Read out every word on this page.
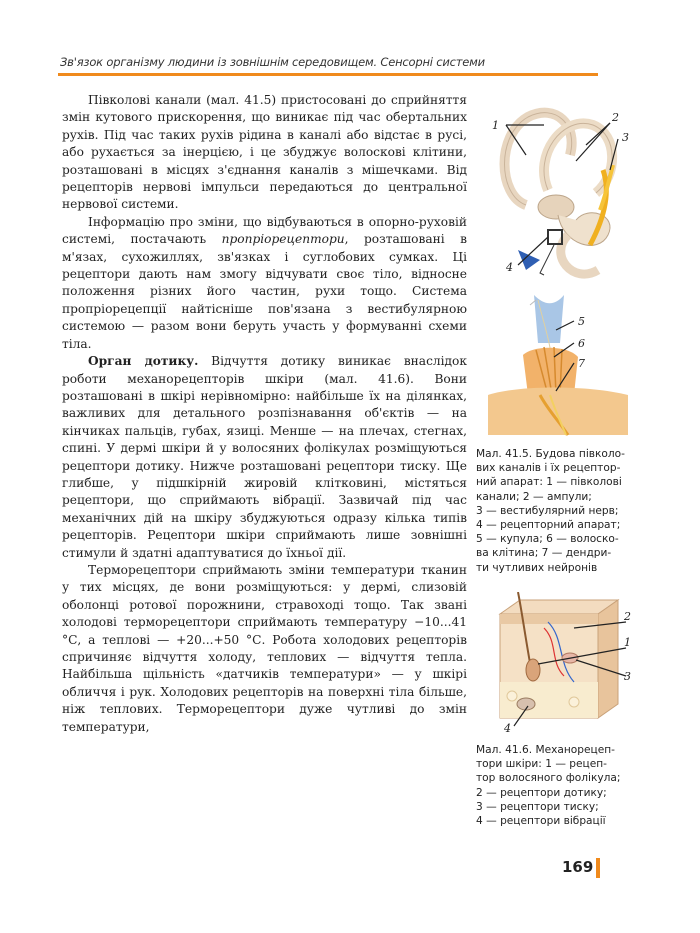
Зв'язок організму людини із зовнішнім середовищем. Сенсорні системи

Півколові канали (мал. 41.5) пристосовані до сприйняття змін кутового прискорення, що виникає під час обертальних рухів. Під час таких рухів рідина в каналі або відстає в русі, або рухається за інерцією, і це збуджує волоскові клітини, розташовані в місцях з'єднання каналів з мішечками. Від рецепторів нервові імпульси передаються до центральної нервової системи.

Інформацію про зміни, що відбуваються в опорно-руховій системі, постачають пропріорецептори, розташовані в м'язах, сухожиллях, зв'язках і суглобових сумках. Ці рецептори дають нам змогу відчувати своє тіло, відносне положення різних його частин, рухи тощо. Система пропріорецепції найтісніше пов'язана з вестибулярною системою — разом вони беруть участь у формуванні схеми тіла.

Орган дотику. Відчуття дотику виникає внаслідок роботи механорецепторів шкіри (мал. 41.6). Вони розташовані в шкірі нерівномірно: найбільше їх на ділянках, важливих для детального розпізнавання об'єктів — на кінчиках пальців, губах, язиці. Менше — на плечах, стегнах, спині. У дермі шкіри й у волосяних фолікулах розміщуються рецептори дотику. Нижче розташовані рецептори тиску. Ще глибше, у підшкірній жировій клітковині, містяться рецептори, що сприймають вібрації. Зазвичай під час механічних дій на шкіру збуджуються одразу кілька типів рецепторів. Рецептори шкіри сприймають лише зовнішні стимули й здатні адаптуватися до їхньої дії.

Терморецептори сприймають зміни температури тканин у тих місцях, де вони розміщуються: у дермі, слизовій оболонці ротової порожнини, стравоході тощо. Так звані холодові терморецептори сприймають температуру −10...41 °С, а теплові — +20...+50 °С. Робота холодових рецепторів спричиняє відчуття холоду, теплових — відчуття тепла. Найбільша щільність «датчиків температури» — у шкірі обличчя і рук. Холодових рецепторів на поверхні тіла більше, ніж теплових. Терморецептори дуже чутливі до змін температури,

1
2
3
4
5
6
7
Мал. 41.5. Будова півколо-
вих каналів і їх рецептор-
ний апарат: 1 — півколові
канали; 2 — ампули;
3 — вестибулярний нерв;
4 — рецепторний апарат;
5 — купула; 6 — волоско-
ва клітина; 7 — дендри-
ти чутливих нейронів
2
1
3
4
Мал. 41.6. Механорецеп-
тори шкіри: 1 — рецеп-
тор волосяного фолікула;
2 — рецептори дотику;
3 — рецептори тиску;
4 — рецептори вібрації
169
